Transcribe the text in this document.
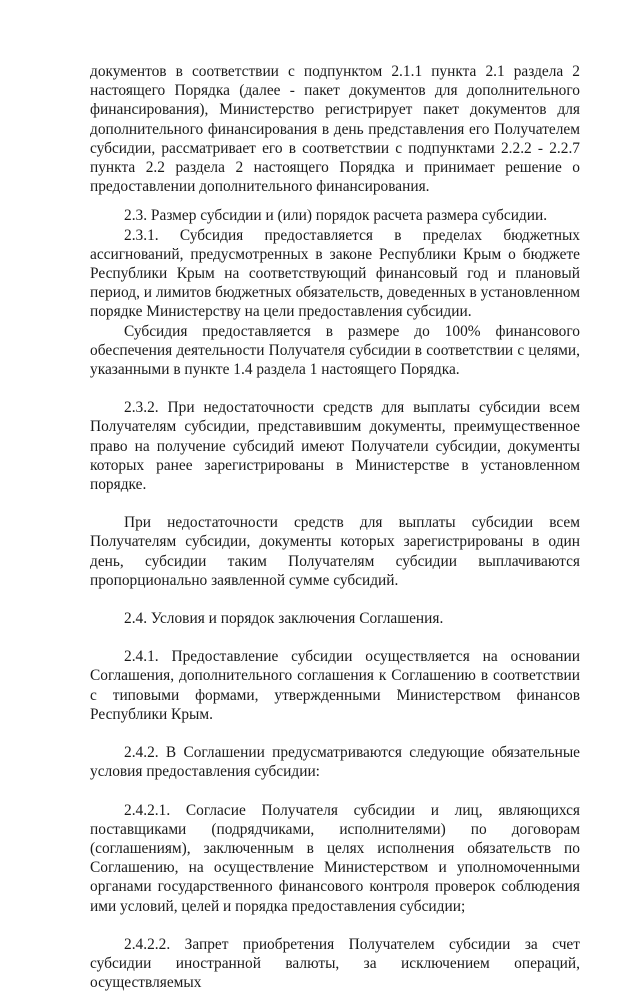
документов в соответствии с подпунктом 2.1.1 пункта 2.1 раздела 2 настоящего Порядка (далее - пакет документов для дополнительного финансирования), Министерство регистрирует пакет документов для дополнительного финансирования в день представления его Получателем субсидии, рассматривает его в соответствии с подпунктами 2.2.2 - 2.2.7 пункта 2.2 раздела 2 настоящего Порядка и принимает решение о предоставлении дополнительного финансирования.

2.3. Размер субсидии и (или) порядок расчета размера субсидии.

2.3.1. Субсидия предоставляется в пределах бюджетных ассигнований, предусмотренных в законе Республики Крым о бюджете Республики Крым на соответствующий финансовый год и плановый период, и лимитов бюджетных обязательств, доведенных в установленном порядке Министерству на цели предоставления субсидии.

Субсидия предоставляется в размере до 100% финансового обеспечения деятельности Получателя субсидии в соответствии с целями, указанными в пункте 1.4 раздела 1 настоящего Порядка.

2.3.2. При недостаточности средств для выплаты субсидии всем Получателям субсидии, представившим документы, преимущественное право на получение субсидий имеют Получатели субсидии, документы которых ранее зарегистрированы в Министерстве в установленном порядке.

При недостаточности средств для выплаты субсидии всем Получателям субсидии, документы которых зарегистрированы в один день, субсидии таким Получателям субсидии выплачиваются пропорционально заявленной сумме субсидий.

2.4. Условия и порядок заключения Соглашения.

2.4.1. Предоставление субсидии осуществляется на основании Соглашения, дополнительного соглашения к Соглашению в соответствии с типовыми формами, утвержденными Министерством финансов Республики Крым.

2.4.2. В Соглашении предусматриваются следующие обязательные условия предоставления субсидии:

2.4.2.1. Согласие Получателя субсидии и лиц, являющихся поставщиками (подрядчиками, исполнителями) по договорам (соглашениям), заключенным в целях исполнения обязательств по Соглашению, на осуществление Министерством и уполномоченными органами государственного финансового контроля проверок соблюдения ими условий, целей и порядка предоставления субсидии;

2.4.2.2. Запрет приобретения Получателем субсидии за счет субсидии иностранной валюты, за исключением операций, осуществляемых
